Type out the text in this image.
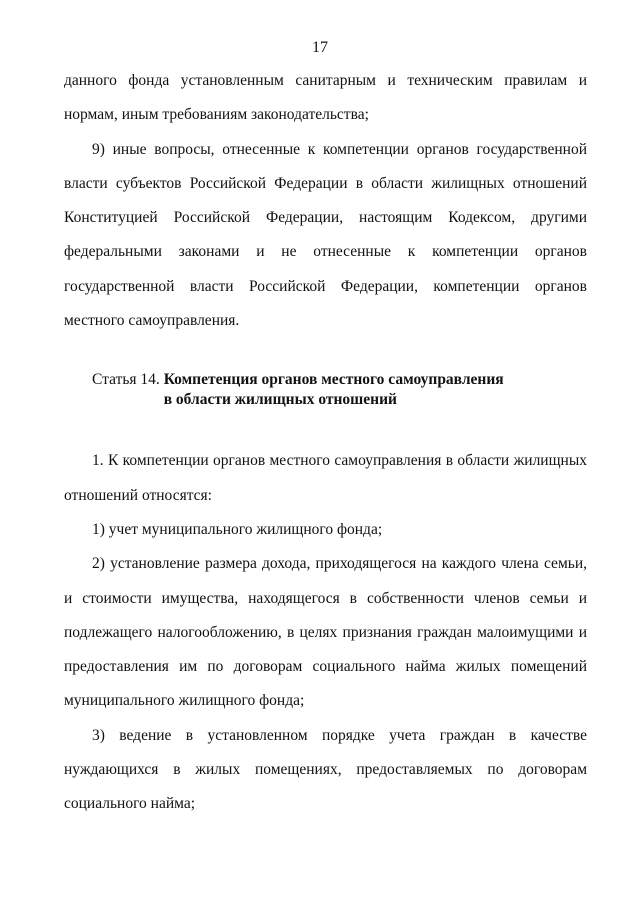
17

данного фонда установленным санитарным и техническим правилам и нормам, иным требованиям законодательства;

9) иные вопросы, отнесенные к компетенции органов государственной власти субъектов Российской Федерации в области жилищных отношений Конституцией Российской Федерации, настоящим Кодексом, другими федеральными законами и не отнесенные к компетенции органов государственной власти Российской Федерации, компетенции органов местного самоуправления.

Статья 14. Компетенция органов местного самоуправления
в области жилищных отношений

1. К компетенции органов местного самоуправления в области жилищных отношений относятся:

1) учет муниципального жилищного фонда;

2) установление размера дохода, приходящегося на каждого члена семьи, и стоимости имущества, находящегося в собственности членов семьи и подлежащего налогообложению, в целях признания граждан малоимущими и предоставления им по договорам социального найма жилых помещений муниципального жилищного фонда;

3) ведение в установленном порядке учета граждан в качестве нуждающихся в жилых помещениях, предоставляемых по договорам социального найма;
